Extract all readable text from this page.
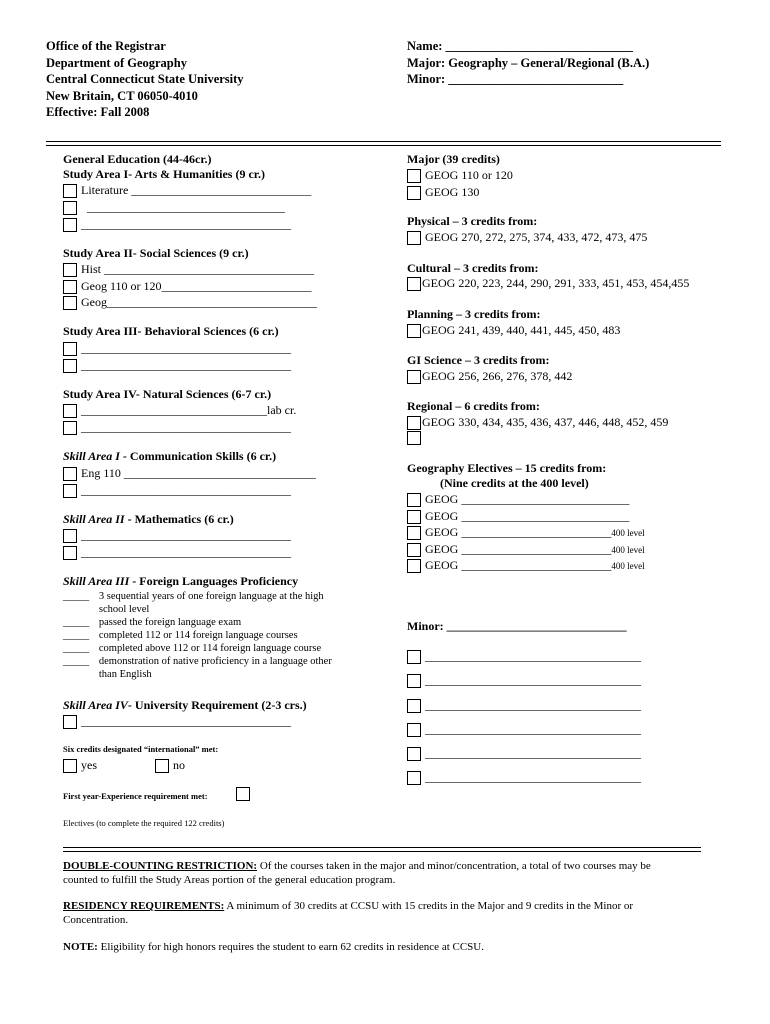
Office of the Registrar
Department of Geography
Central Connecticut State University
New Britain, CT 06050-4010
Effective: Fall 2008
Name: ______________________________
Major: Geography – General/Regional (B.A.)
Minor: ____________________________
General Education (44-46cr.)
Study Area I- Arts & Humanities (9 cr.)
Literature ______________________________
_________________________________
___________________________________
Study Area II- Social Sciences (9 cr.)
Hist ___________________________________
Geog 110 or 120_________________________
Geog___________________________________
Study Area III- Behavioral Sciences (6 cr.)
___________________________________
___________________________________
Study Area IV- Natural Sciences (6-7 cr.)
_______________________________lab cr.
___________________________________
Skill Area I - Communication Skills (6 cr.)
Eng 110 ________________________________
___________________________________
Skill Area II - Mathematics (6 cr.)
___________________________________
___________________________________
Skill Area III - Foreign Languages Proficiency
_____ 3 sequential years of one foreign language at the high
school level
_____ passed the foreign language exam
_____ completed 112 or 114 foreign language courses
_____ completed above 112 or 114 foreign language course
_____ demonstration of native proficiency in a language other
than English
Skill Area IV- University Requirement (2-3 crs.)
___________________________________
Six credits designated “international” met:
yes	no
First year-Experience requirement met:
Electives (to complete the required 122 credits)
Major (39 credits)
GEOG 110 or 120
GEOG 130
Physical – 3 credits from:
GEOG 270, 272, 275, 374, 433, 472, 473, 475
Cultural – 3 credits from:
GEOG 220, 223, 244, 290, 291, 333, 451, 453, 454,455
Planning – 3 credits from:
GEOG 241, 439, 440, 441, 445, 450, 483
GI Science – 3 credits from:
GEOG 256, 266, 276, 378, 442
Regional – 6 credits from:
GEOG 330, 434, 435, 436, 437, 446, 448, 452, 459
Geography Electives – 15 credits from:
(Nine credits at the 400 level)
GEOG ____________________________
GEOG ____________________________
GEOG _________________________400 level
GEOG _________________________400 level
GEOG _________________________400 level
Minor: ______________________________
____________________________________
____________________________________
____________________________________
____________________________________
____________________________________
____________________________________
DOUBLE-COUNTING RESTRICTION: Of the courses taken in the major and minor/concentration, a total of two courses may be
counted to fulfill the Study Areas portion of the general education program.
RESIDENCY REQUIREMENTS: A minimum of 30 credits at CCSU with 15 credits in the Major and 9 credits in the Minor or
Concentration.
NOTE: Eligibility for high honors requires the student to earn 62 credits in residence at CCSU.
